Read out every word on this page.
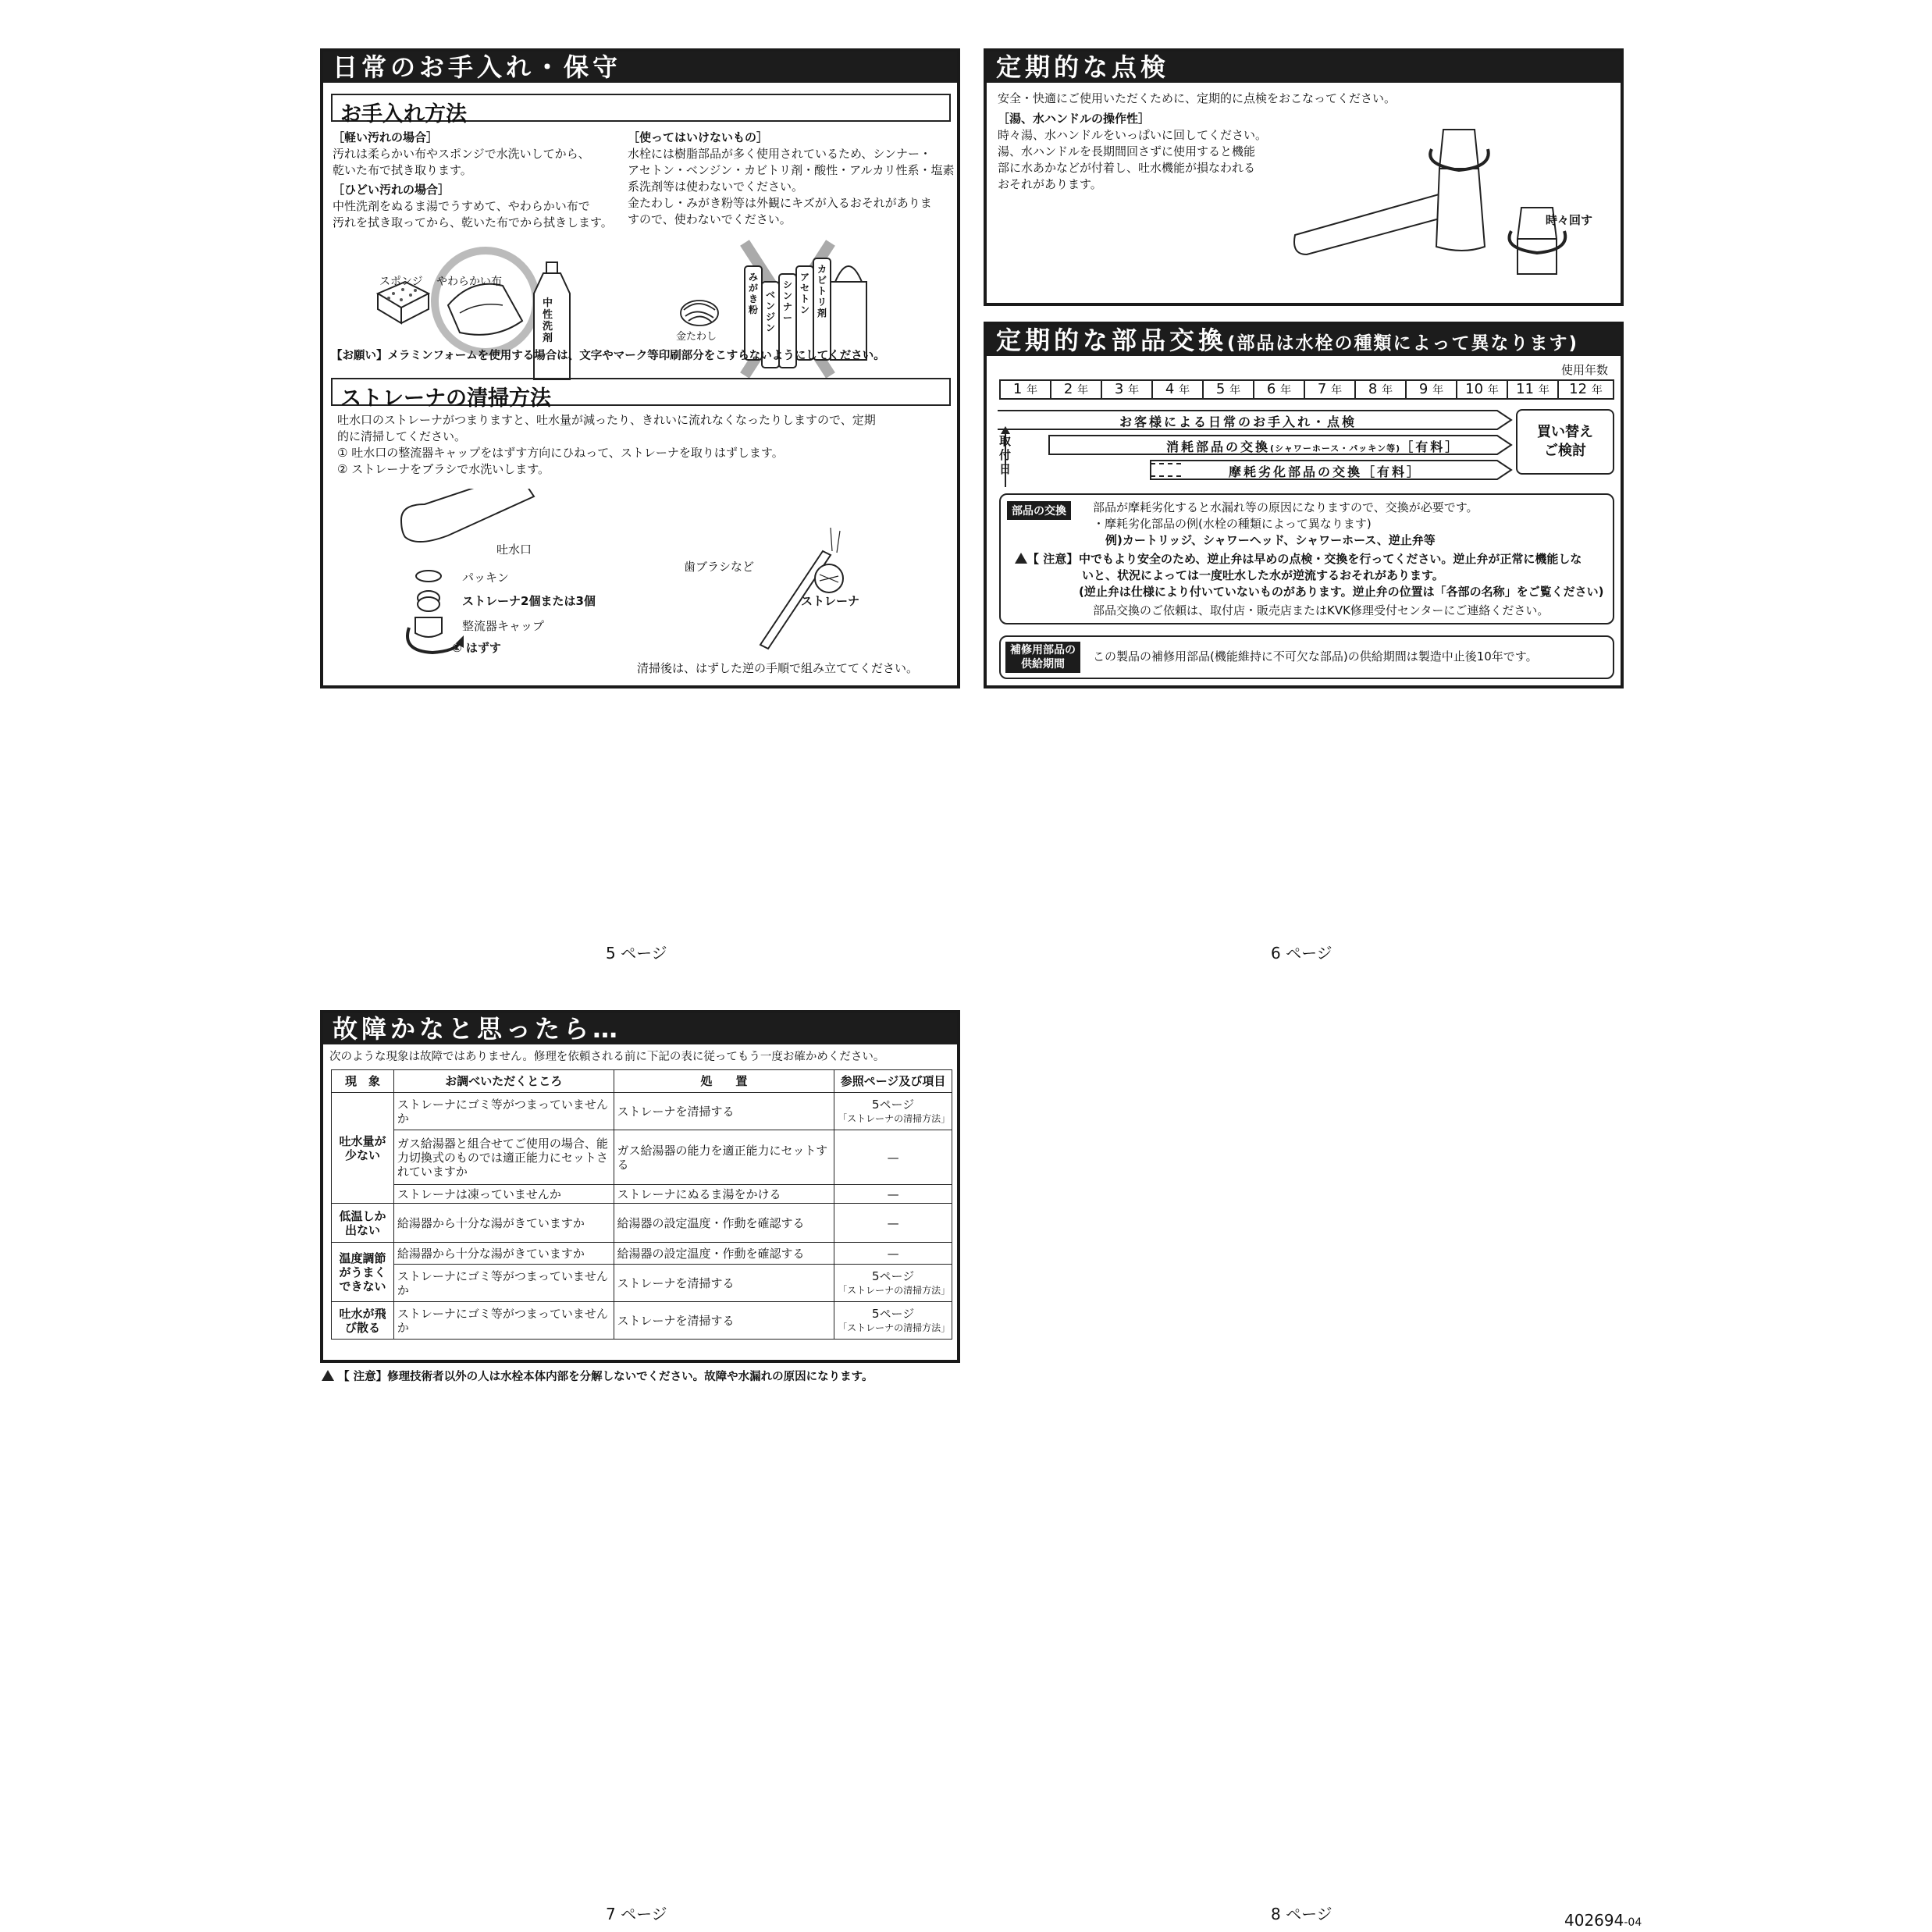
日常のお手入れ・保守
お手入れ方法
［軽い汚れの場合］
汚れは柔らかい布やスポンジで水洗いしてから、
乾いた布で拭き取ります。
［ひどい汚れの場合］
中性洗剤をぬるま湯でうすめて、やわらかい布で
汚れを拭き取ってから、乾いた布でから拭きします。
［使ってはいけないもの］
水栓には樹脂部品が多く使用されているため、シンナー・
アセトン・ベンジン・カビトリ剤・酸性・アルカリ性系・塩素
系洗剤等は使わないでください。
金たわし・みがき粉等は外観にキズが入るおそれがありま
すので、使わないでください。
スポンジ やわらかい布
中性洗剤	金たわし
みがき粉
ベンジン
シンナー
アセトン
カビトリ剤
【お願い】メラミンフォームを使用する場合は、文字やマーク等印刷部分をこすらないようにしてください。
ストレーナの清掃方法
吐水口のストレーナがつまりますと、吐水量が減ったり、きれいに流れなくなったりしますので、定期
的に清掃してください。
① 吐水口の整流器キャップをはずす方向にひねって、ストレーナを取りはずします。
② ストレーナをブラシで水洗いします。
吐水口
パッキン
ストレーナ2個または3個
整流器キャップ
① はずす
歯ブラシなど
ストレーナ
清掃後は、はずした逆の手順で組み立ててください。
定期的な点検
安全・快適にご使用いただくために、定期的に点検をおこなってください。
［湯、水ハンドルの操作性］
時々湯、水ハンドルをいっぱいに回してください。
湯、水ハンドルを長期間回さずに使用すると機能
部に水あかなどが付着し、吐水機能が損なわれる
おそれがあります。
時々回す
定期的な部品交換(部品は水栓の種類によって異なります)
使用年数
1 年	2 年	3 年	4 年	5 年	6 年	7 年	8 年	9 年	10 年	11 年	12 年
取付日
お客様による日常のお手入れ・点検
消耗部品の交換(シャワーホース・パッキン等)［有料］
摩耗劣化部品の交換［有料］
買い替え
ご検討
部品の交換	部品が摩耗劣化すると水漏れ等の原因になりますので、交換が必要です。
・摩耗劣化部品の例(水栓の種類によって異なります)
例)カートリッジ、シャワーヘッド、シャワーホース、逆止弁等
【 注意】 中でもより安全のため、逆止弁は早めの点検・交換を行ってください。逆止弁が正常に機能しな
いと、状況によっては一度吐水した水が逆流するおそれがあります。
(逆止弁は仕様により付いていないものがあります。逆止弁の位置は「各部の名称」をご覧ください)
部品交換のご依頼は、取付店・販売店またはKVK修理受付センターにご連絡ください。
補修用部品の
供給期間
この製品の補修用部品(機能維持に不可欠な部品)の供給期間は製造中止後10年です。
故障かなと思ったら…
次のような現象は故障ではありません。修理を依頼される前に下記の表に従ってもう一度お確かめください。
現　象	お調べいただくところ	処　　置	参照ページ及び項目
吐水量が少ない	ストレーナにゴミ等がつまっていませんか	ストレーナを清掃する	5ページ
「ストレーナの清掃方法」

	ガス給湯器と組合せてご使用の場合、能力切換式のものでは適正能力にセットされていますか	ガス給湯器の能力を適正能力にセットする	—
	ストレーナは凍っていませんか	ストレーナにぬるま湯をかける	—
低温しか出ない	給湯器から十分な湯がきていますか	給湯器の設定温度・作動を確認する	—
温度調節がうまくできない	給湯器から十分な湯がきていますか	給湯器の設定温度・作動を確認する	—
	ストレーナにゴミ等がつまっていませんか	ストレーナを清掃する	5ページ
「ストレーナの清掃方法」

吐水が飛び散る	ストレーナにゴミ等がつまっていませんか	ストレーナを清掃する	5ページ
「ストレーナの清掃方法」
【 注意】修理技術者以外の人は水栓本体内部を分解しないでください。故障や水漏れの原因になります。
5 ページ	6 ページ
7 ページ	8 ページ	402694-04
